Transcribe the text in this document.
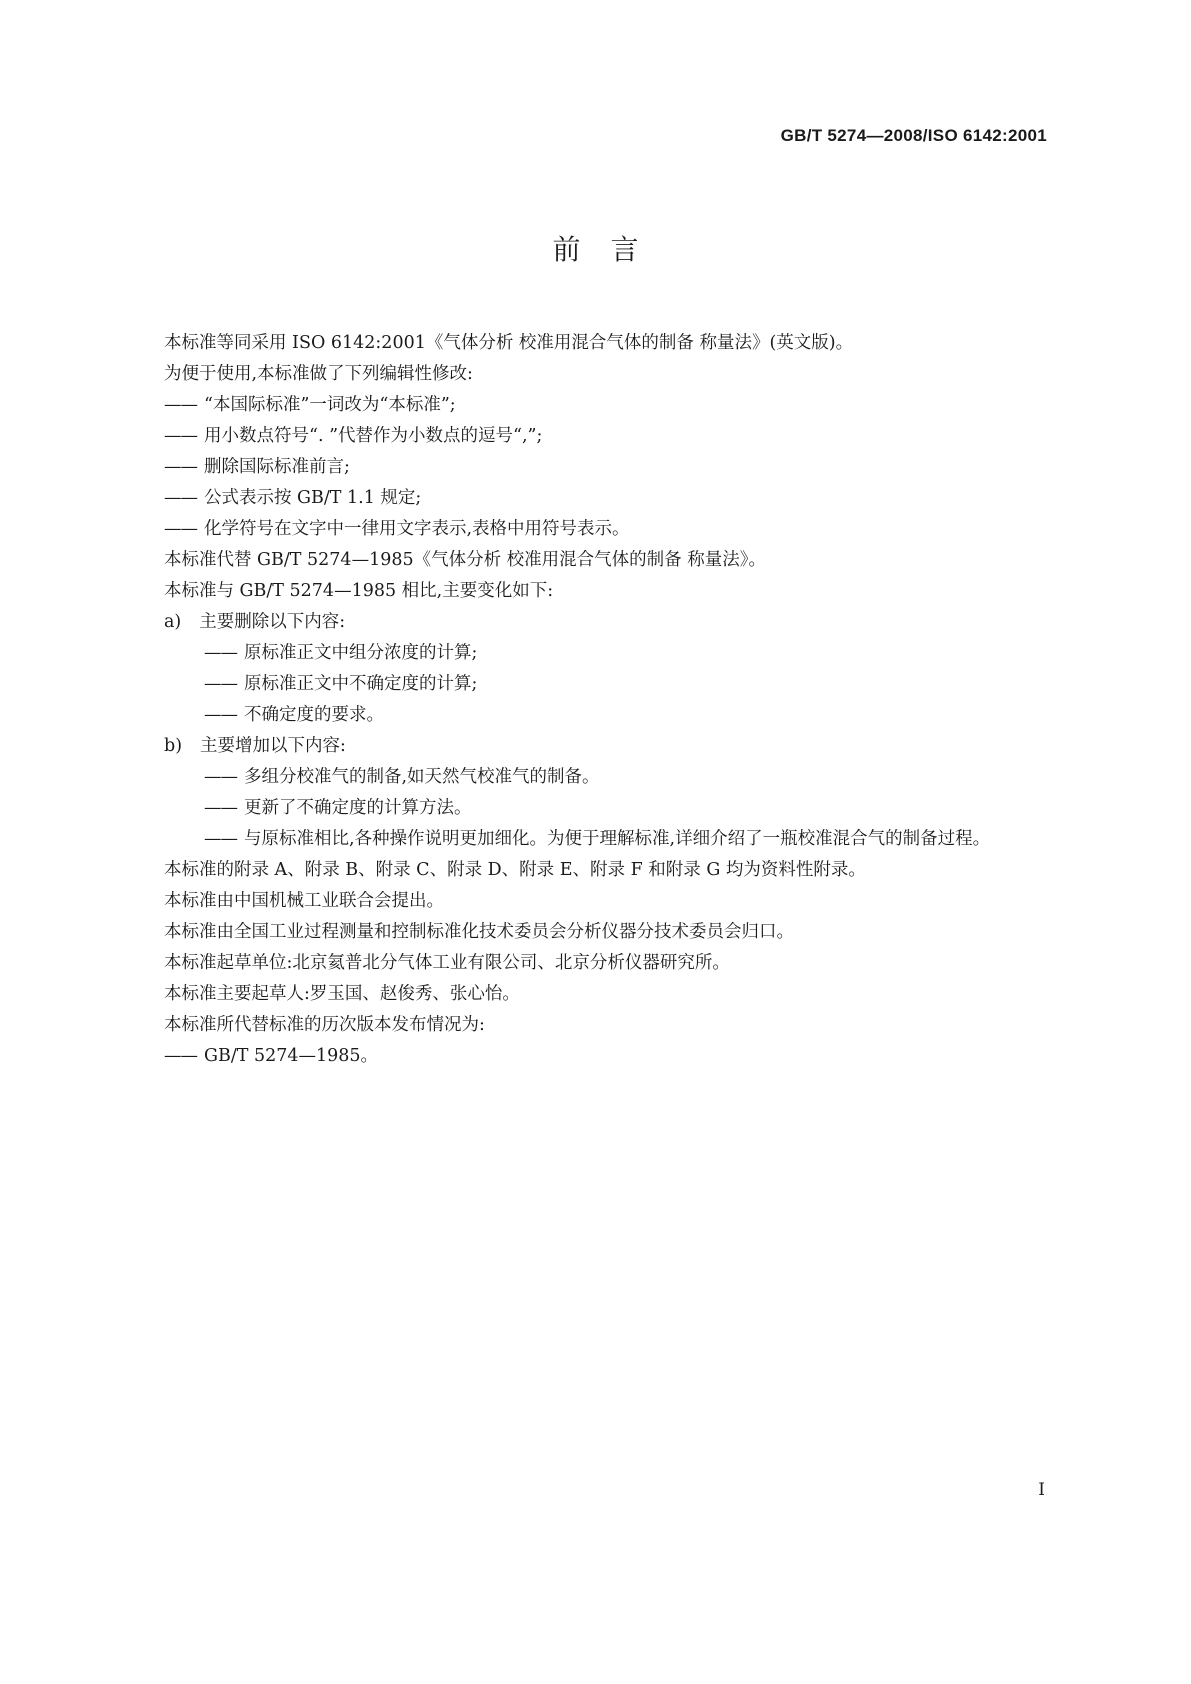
GB/T 5274—2008/ISO 6142:2001
前言
本标准等同采用 ISO 6142:2001《气体分析 校准用混合气体的制备 称量法》(英文版)。
为便于使用,本标准做了下列编辑性修改:
—— “本国际标准”一词改为“本标准”;
—— 用小数点符号“. ”代替作为小数点的逗号“,”;
—— 删除国际标准前言;
—— 公式表示按 GB/T 1.1 规定;
—— 化学符号在文字中一律用文字表示,表格中用符号表示。
本标准代替 GB/T 5274—1985《气体分析 校准用混合气体的制备 称量法》。
本标准与 GB/T 5274—1985 相比,主要变化如下:
a) 主要删除以下内容:
—— 原标准正文中组分浓度的计算;
—— 原标准正文中不确定度的计算;
—— 不确定度的要求。
b) 主要增加以下内容:
—— 多组分校准气的制备,如天然气校准气的制备。
—— 更新了不确定度的计算方法。
—— 与原标准相比,各种操作说明更加细化。为便于理解标准,详细介绍了一瓶校准混合气的制备过程。
本标准的附录 A、附录 B、附录 C、附录 D、附录 E、附录 F 和附录 G 均为资料性附录。
本标准由中国机械工业联合会提出。
本标准由全国工业过程测量和控制标准化技术委员会分析仪器分技术委员会归口。
本标准起草单位:北京氦普北分气体工业有限公司、北京分析仪器研究所。
本标准主要起草人:罗玉国、赵俊秀、张心怡。
本标准所代替标准的历次版本发布情况为:
—— GB/T 5274—1985。
I
